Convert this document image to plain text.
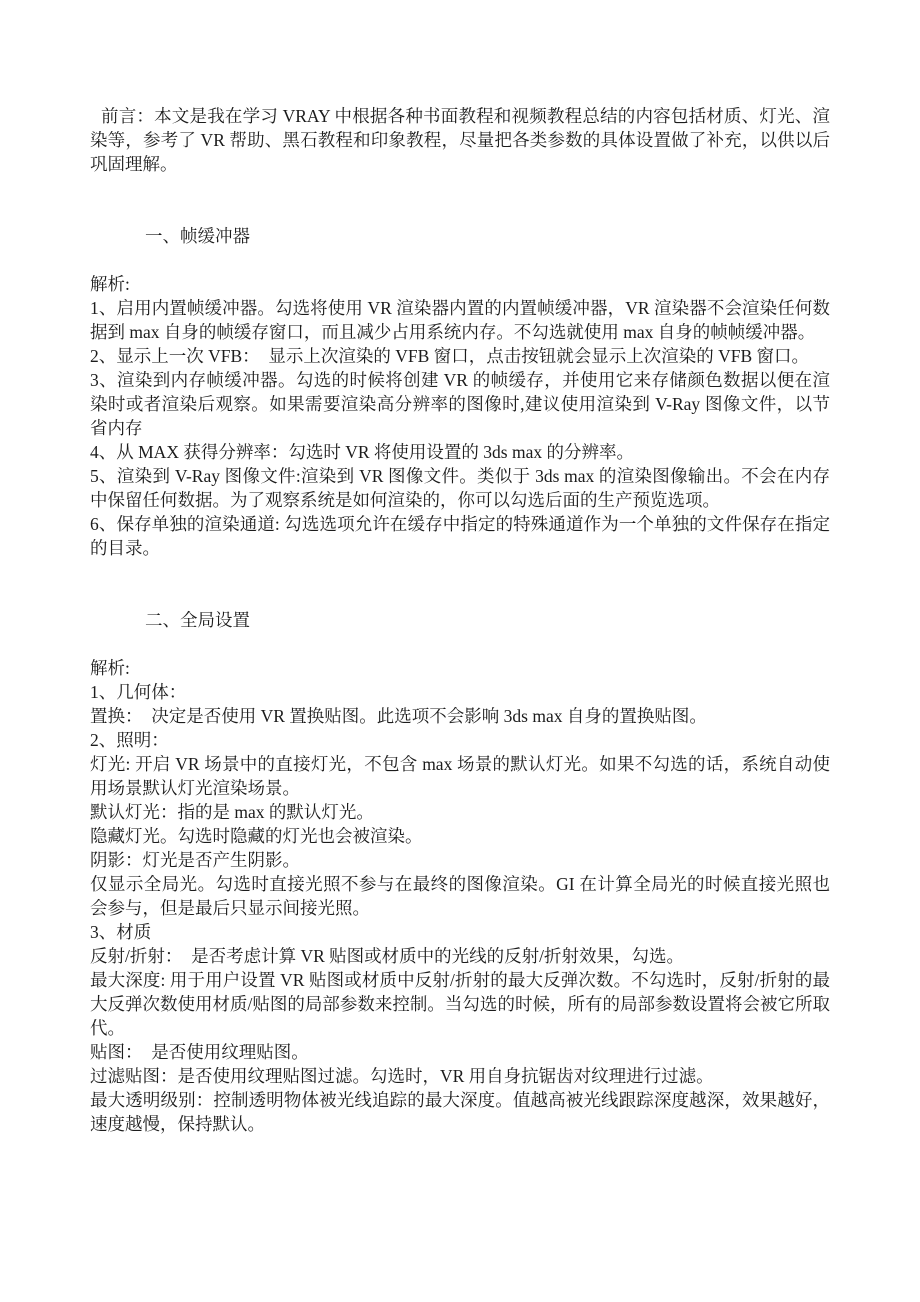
前言：本文是我在学习 VRAY 中根据各种书面教程和视频教程总结的内容包括材质、灯光、渲染等，参考了 VR 帮助、黑石教程和印象教程，尽量把各类参数的具体设置做了补充，以供以后巩固理解。

一、帧缓冲器

解析:

1、启用内置帧缓冲器。勾选将使用 VR 渲染器内置的内置帧缓冲器，VR 渲染器不会渲染任何数据到 max 自身的帧缓存窗口，而且减少占用系统内存。不勾选就使用 max 自身的帧帧缓冲器。

2、显示上一次 VFB：  显示上次渲染的 VFB 窗口，点击按钮就会显示上次渲染的 VFB 窗口。

3、渲染到内存帧缓冲器。勾选的时候将创建 VR 的帧缓存，并使用它来存储颜色数据以便在渲染时或者渲染后观察。如果需要渲染高分辨率的图像时,建议使用渲染到 V-Ray 图像文件，以节省内存

4、从 MAX 获得分辨率：勾选时 VR 将使用设置的 3ds max 的分辨率。

5、渲染到 V-Ray 图像文件:渲染到 VR 图像文件。类似于 3ds max 的渲染图像输出。不会在内存中保留任何数据。为了观察系统是如何渲染的，你可以勾选后面的生产预览选项。

6、保存单独的渲染通道: 勾选选项允许在缓存中指定的特殊通道作为一个单独的文件保存在指定的目录。

二、全局设置

解析:

1、几何体：

置换：  决定是否使用 VR 置换贴图。此选项不会影响 3ds max 自身的置换贴图。

2、照明：

灯光: 开启 VR 场景中的直接灯光，不包含 max 场景的默认灯光。如果不勾选的话，系统自动使用场景默认灯光渲染场景。

默认灯光：指的是 max 的默认灯光。

隐藏灯光。勾选时隐藏的灯光也会被渲染。

阴影：灯光是否产生阴影。

仅显示全局光。勾选时直接光照不参与在最终的图像渲染。GI 在计算全局光的时候直接光照也会参与，但是最后只显示间接光照。

3、材质

反射/折射：  是否考虑计算 VR 贴图或材质中的光线的反射/折射效果，勾选。

最大深度: 用于用户设置 VR 贴图或材质中反射/折射的最大反弹次数。不勾选时，反射/折射的最大反弹次数使用材质/贴图的局部参数来控制。当勾选的时候，所有的局部参数设置将会被它所取代。

贴图：  是否使用纹理贴图。

过滤贴图：是否使用纹理贴图过滤。勾选时，VR 用自身抗锯齿对纹理进行过滤。

最大透明级别：控制透明物体被光线追踪的最大深度。值越高被光线跟踪深度越深，效果越好，速度越慢，保持默认。
